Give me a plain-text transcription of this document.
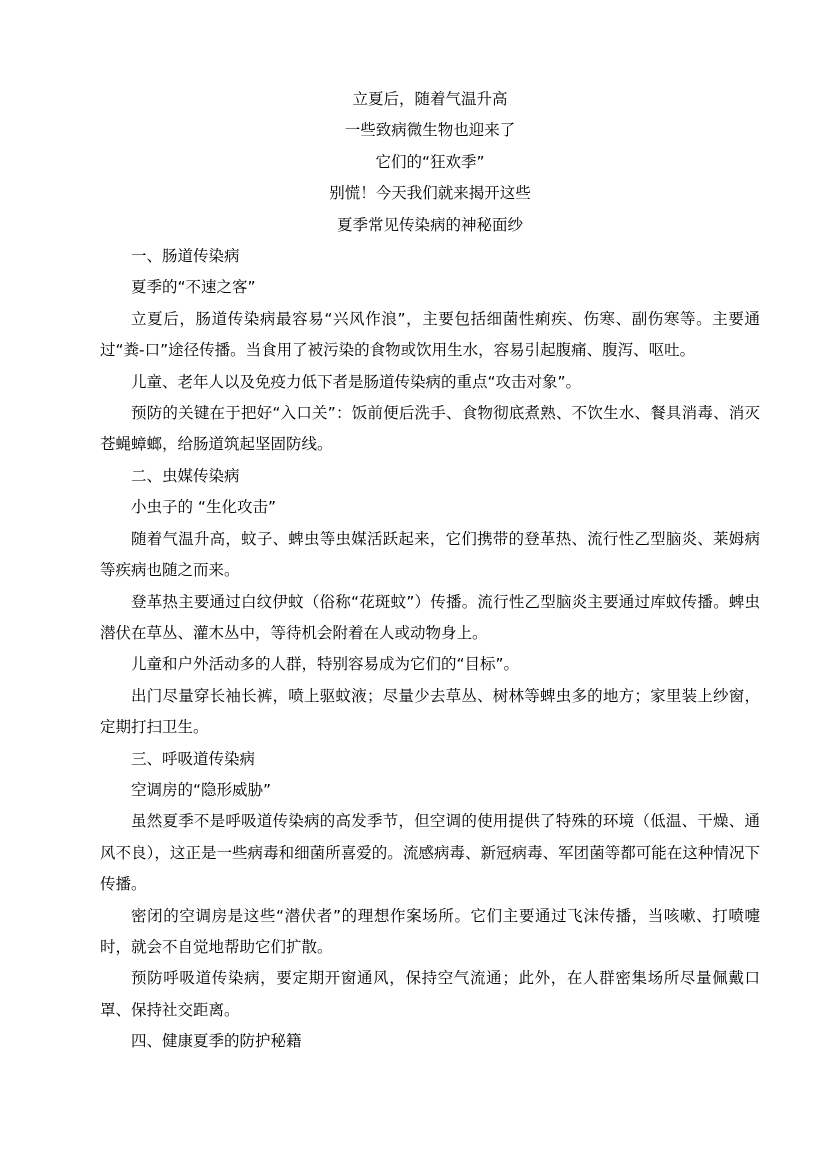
立夏后，随着气温升高

一些致病微生物也迎来了

它们的“狂欢季”

别慌！今天我们就来揭开这些

夏季常见传染病的神秘面纱

一、肠道传染病

夏季的“不速之客”

立夏后，肠道传染病最容易“兴风作浪”，主要包括细菌性痢疾、伤寒、副伤寒等。主要通过“粪-口”途径传播。当食用了被污染的食物或饮用生水，容易引起腹痛、腹泻、呕吐。

儿童、老年人以及免疫力低下者是肠道传染病的重点“攻击对象”。

预防的关键在于把好“入口关”：饭前便后洗手、食物彻底煮熟、不饮生水、餐具消毒、消灭苍蝇蟑螂，给肠道筑起坚固防线。

二、虫媒传染病

小虫子的 “生化攻击”

随着气温升高，蚊子、蜱虫等虫媒活跃起来，它们携带的登革热、流行性乙型脑炎、莱姆病等疾病也随之而来。

登革热主要通过白纹伊蚊（俗称“花斑蚊”）传播。流行性乙型脑炎主要通过库蚊传播。蜱虫潜伏在草丛、灌木丛中，等待机会附着在人或动物身上。

儿童和户外活动多的人群，特别容易成为它们的“目标”。

出门尽量穿长袖长裤，喷上驱蚊液；尽量少去草丛、树林等蜱虫多的地方；家里装上纱窗，定期打扫卫生。

三、呼吸道传染病

空调房的“隐形威胁”

虽然夏季不是呼吸道传染病的高发季节，但空调的使用提供了特殊的环境（低温、干燥、通风不良），这正是一些病毒和细菌所喜爱的。流感病毒、新冠病毒、军团菌等都可能在这种情况下传播。

密闭的空调房是这些“潜伏者”的理想作案场所。它们主要通过飞沫传播，当咳嗽、打喷嚏时，就会不自觉地帮助它们扩散。

预防呼吸道传染病，要定期开窗通风，保持空气流通；此外，在人群密集场所尽量佩戴口罩、保持社交距离。

四、健康夏季的防护秘籍
